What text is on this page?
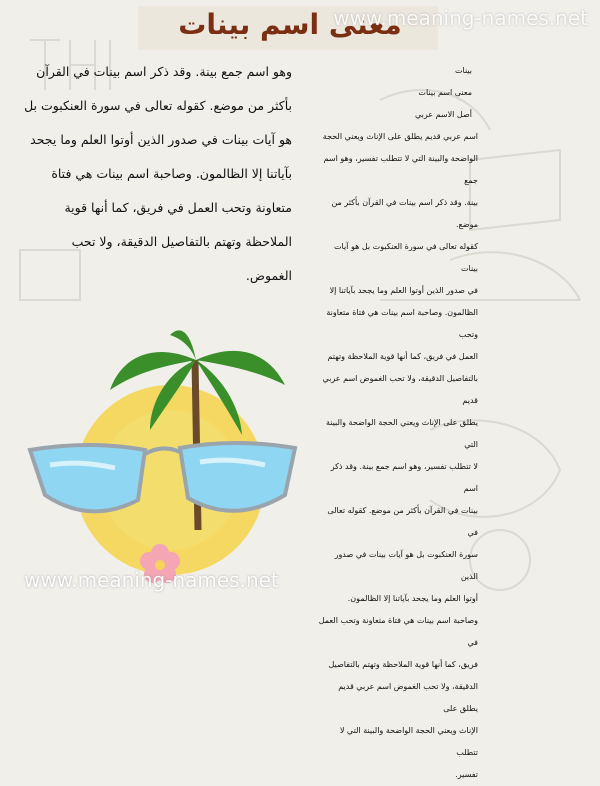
معنى اسم بينات
www.meaning-names.net

وهو اسم جمع بينة. وقد ذكر اسم بينات في القرآن

بأكثر من موضع. كقوله تعالى في سورة العنكبوت بل

هو آيات بينات في صدور الذين أوتوا العلم وما يجحد

بآياتنا إلا الظالمون. وصاحبة اسم بينات هي فتاة

متعاونة وتحب العمل في فريق، كما أنها قوية

الملاحظة وتهتم بالتفاصيل الدقيقة، ولا تحب

الغموض.

بينات

معنى اسم بينات

أصل الاسم عربي

اسم عربي قديم يطلق على الإناث ويعني الحجة

الواضحة والبينة التي لا تتطلب تفسير، وهو اسم جمع

بينة. وقد ذكر اسم بينات في القرآن بأكثر من موضع.

كقوله تعالى في سورة العنكبوت بل هو آيات بينات

في صدور الذين أوتوا العلم وما يجحد بآياتنا إلا

الظالمون. وصاحبة اسم بينات هي فتاة متعاونة وتحب

العمل في فريق، كما أنها قوية الملاحظة وتهتم

بالتفاصيل الدقيقة، ولا تحب الغموض اسم عربي قديم

يطلق على الإناث ويعني الحجة الواضحة والبينة التي

لا تتطلب تفسير، وهو اسم جمع بينة. وقد ذكر اسم

بينات في القرآن بأكثر من موضع. كقوله تعالى في

سورة العنكبوت بل هو آيات بينات في صدور الذين

أوتوا العلم وما يجحد بآياتنا إلا الظالمون.

وصاحبة اسم بينات هي فتاة متعاونة وتحب العمل في

فريق، كما أنها قوية الملاحظة وتهتم بالتفاصيل

الدقيقة، ولا تحب الغموض اسم عربي قديم يطلق على

الإناث ويعني الحجة الواضحة والبينة التي لا تتطلب

تفسير.

www.meaning-names.net
